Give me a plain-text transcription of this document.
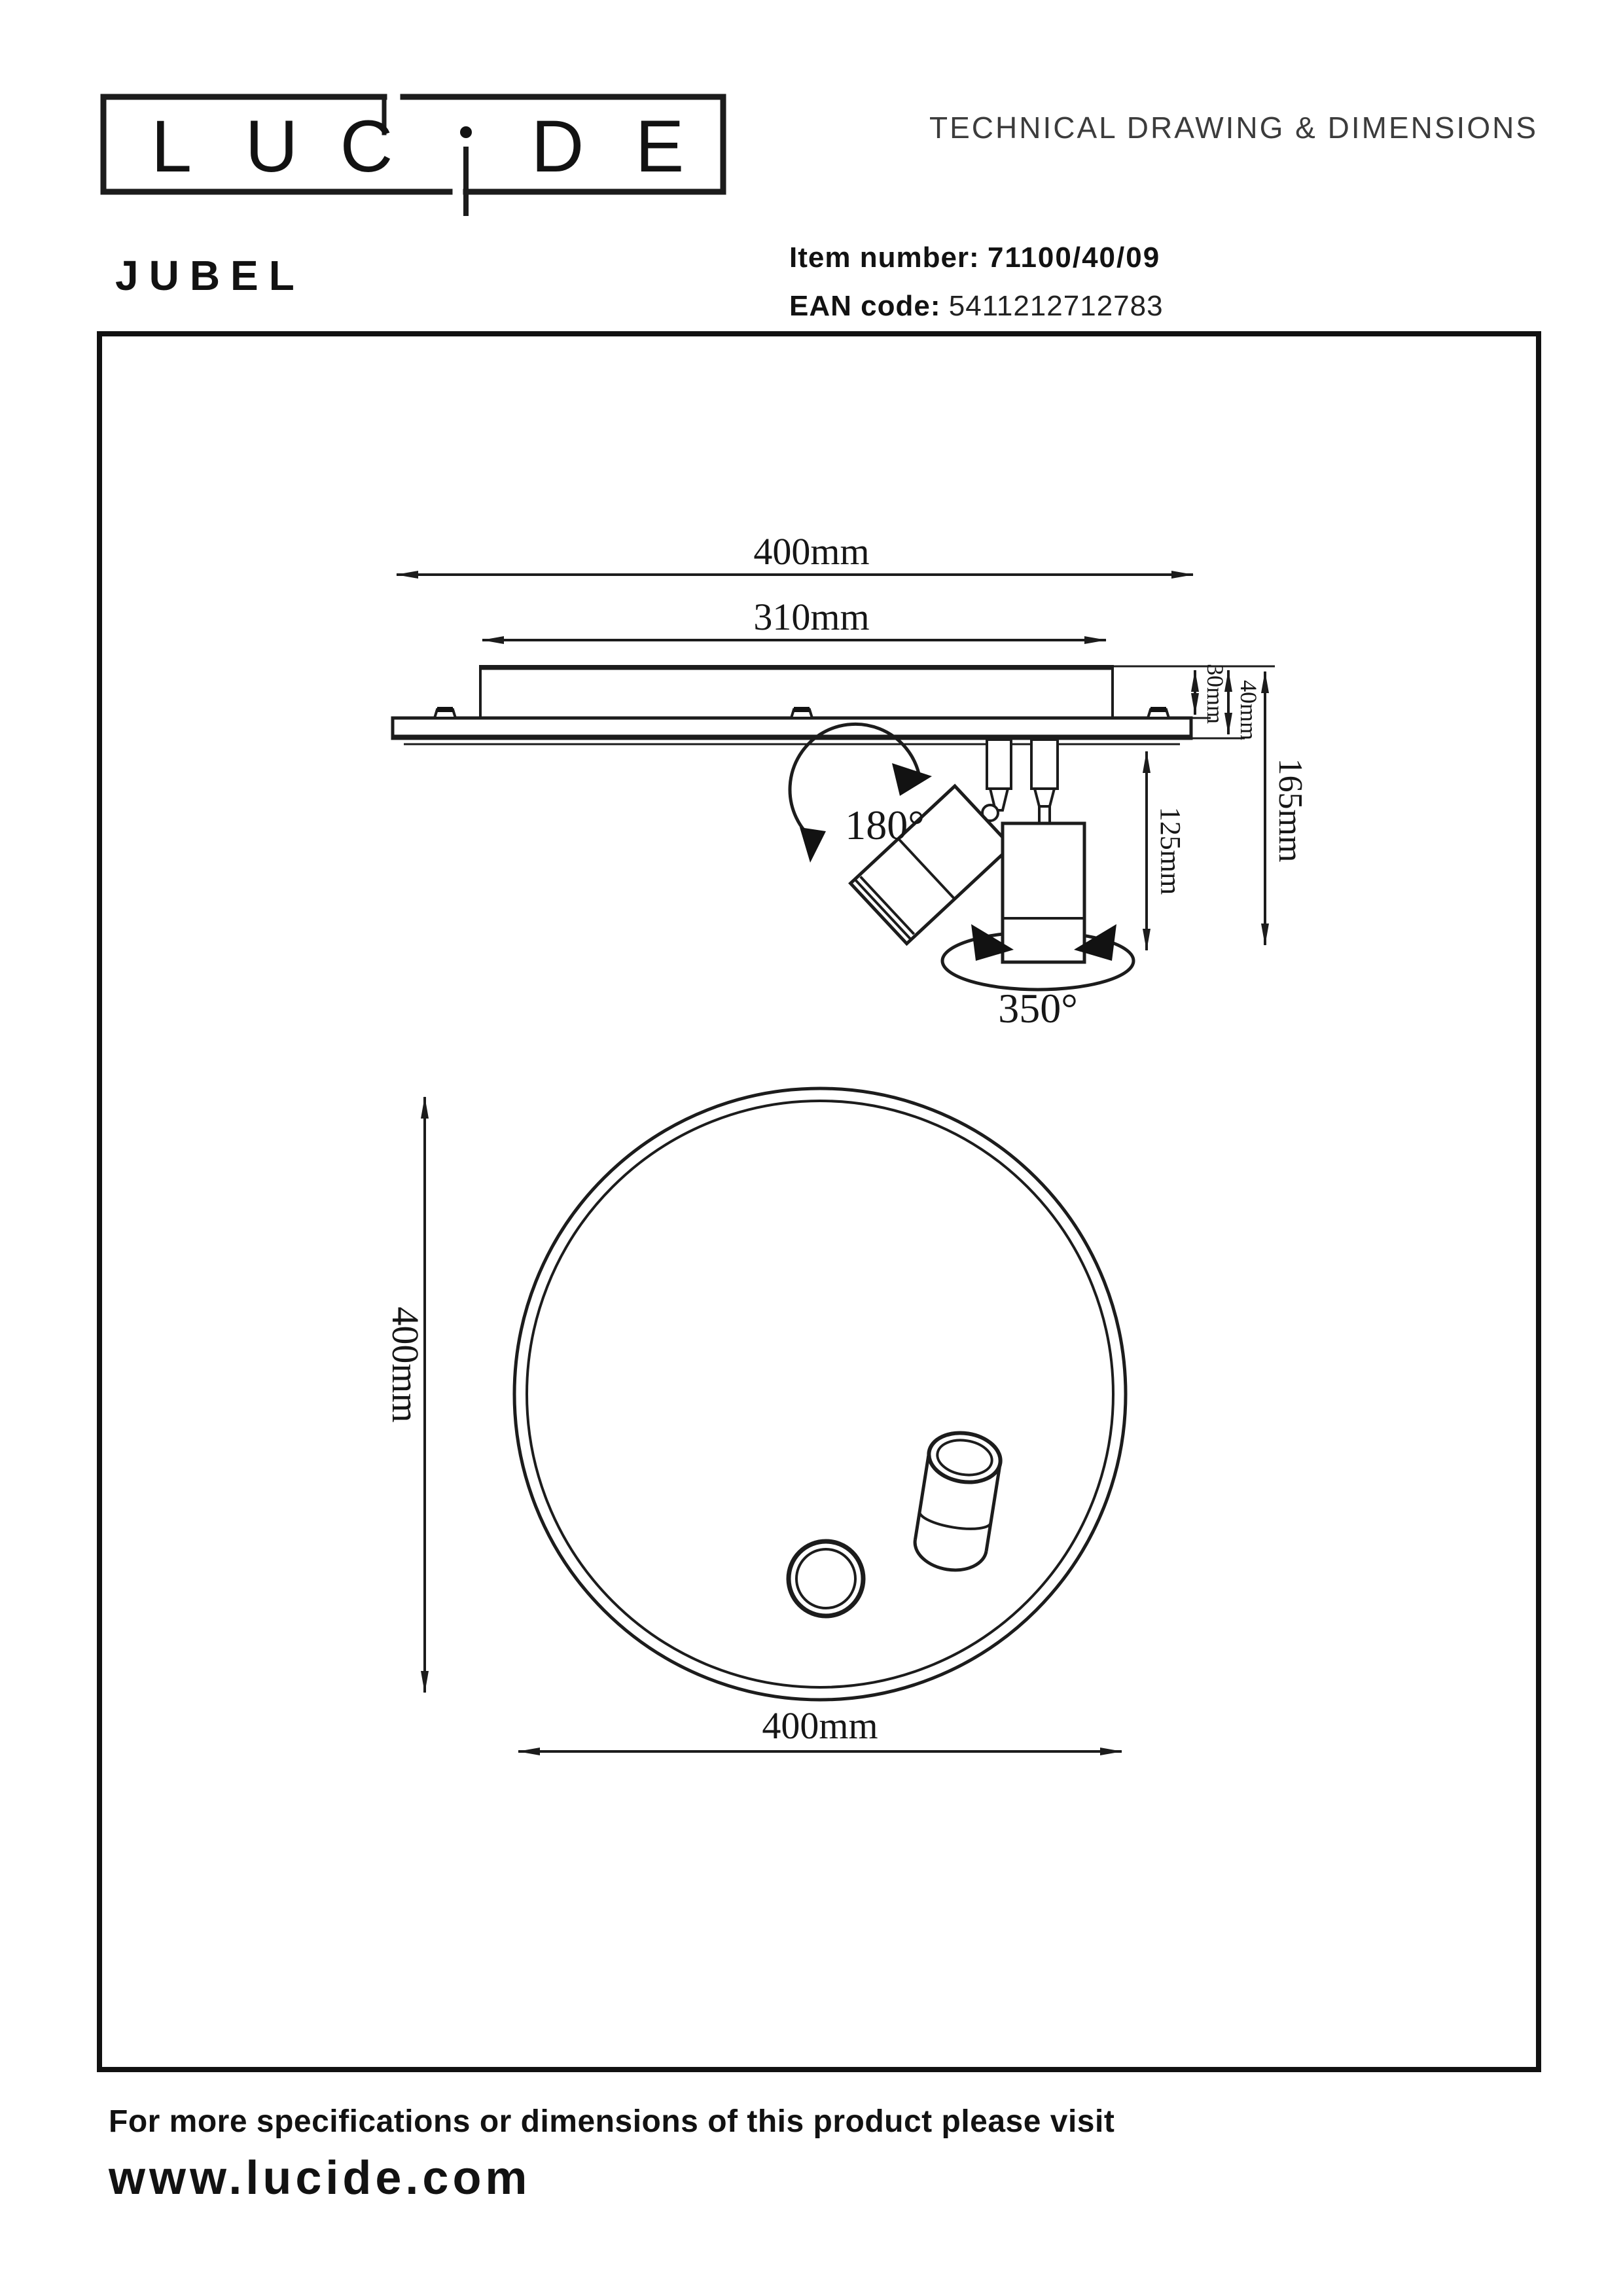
TECHNICAL DRAWING & DIMENSIONS
JUBEL	Item number: 71100/40/09
EAN code: 5411212712783
For more specifications or dimensions of this product please visit
www.lucide.com
L U C D E
400mm
310mm
180°
350°
30mm 40mm
125mm	165mm
400mm
400mm
